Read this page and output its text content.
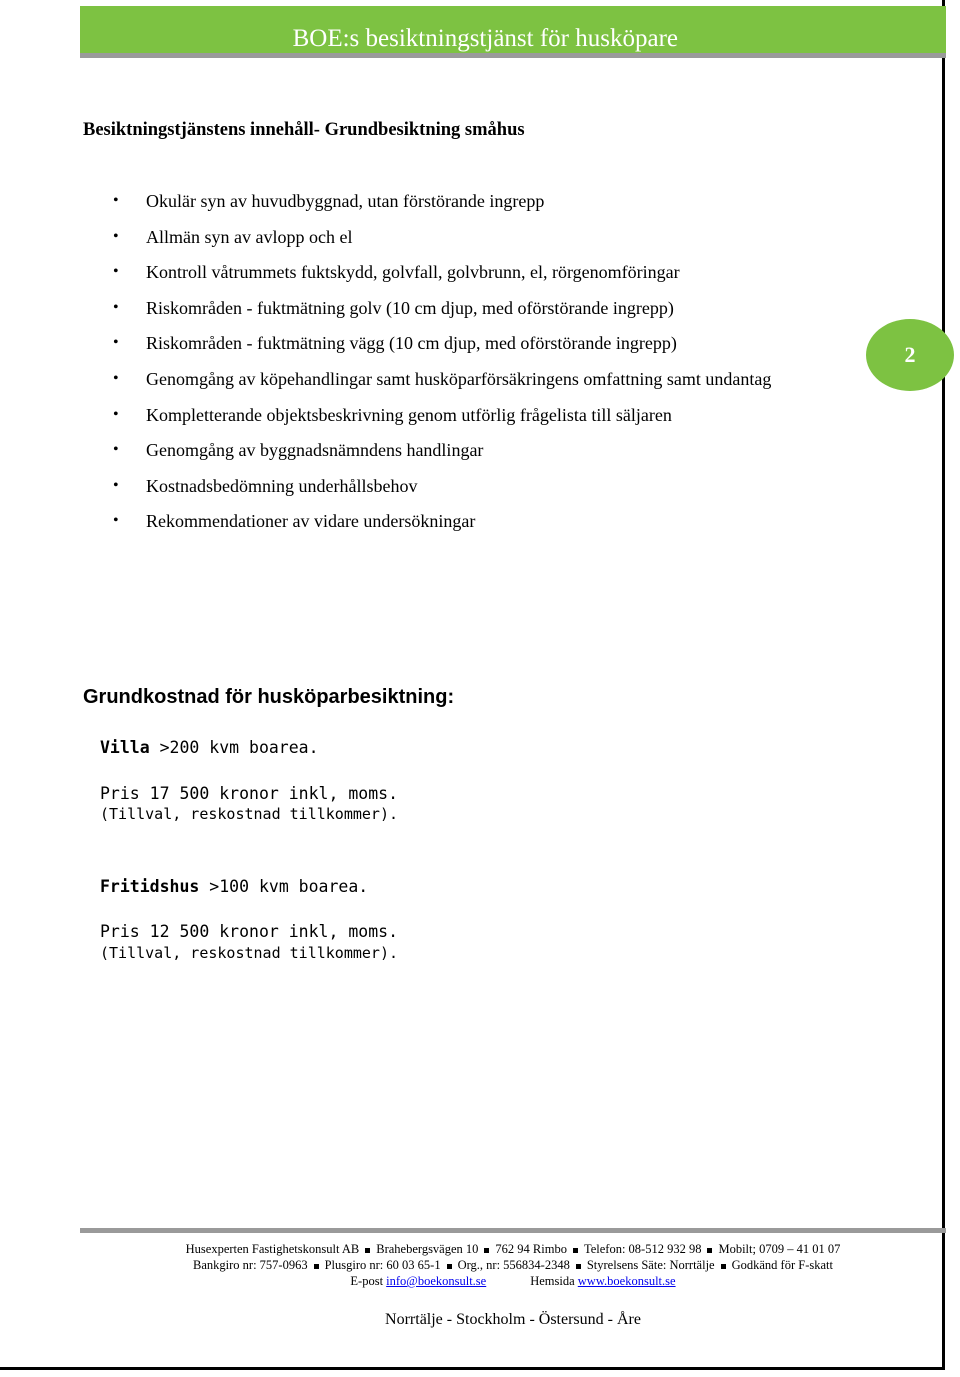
BOE:s besiktningstjänst för husköpare
Besiktningstjänstens innehåll- Grundbesiktning småhus
•	Okulär syn av huvudbyggnad, utan förstörande ingrepp
•	Allmän syn av avlopp och el
•	Kontroll våtrummets fuktskydd, golvfall, golvbrunn, el, rörgenomföringar
•	Riskområden - fuktmätning golv (10 cm djup, med oförstörande ingrepp)
•	Riskområden - fuktmätning vägg (10 cm djup, med oförstörande ingrepp)
•	Genomgång av köpehandlingar samt husköparförsäkringens omfattning samt undantag
•	Kompletterande objektsbeskrivning genom utförlig frågelista till säljaren
•	Genomgång av byggnadsnämndens handlingar
•	Kostnadsbedömning underhållsbehov
•	Rekommendationer av vidare undersökningar
2
Grundkostnad för husköparbesiktning:
Villa >200 kvm boarea.
Pris 17 500 kronor inkl, moms.
(Tillval, reskostnad tillkommer).
Fritidshus >100 kvm boarea.
Pris 12 500 kronor inkl, moms.
(Tillval, reskostnad tillkommer).
Husexperten Fastighetskonsult AB Brahebergsvägen 10 762 94 Rimbo Telefon: 08-512 932 98 Mobilt; 0709 – 41 01 07
Bankgiro nr: 757-0963 Plusgiro nr: 60 03 65-1 Org., nr: 556834-2348 Styrelsens Säte: Norrtälje Godkänd för F-skatt
E-post info@boekonsult.se	Hemsida www.boekonsult.se
Norrtälje - Stockholm - Östersund - Åre
